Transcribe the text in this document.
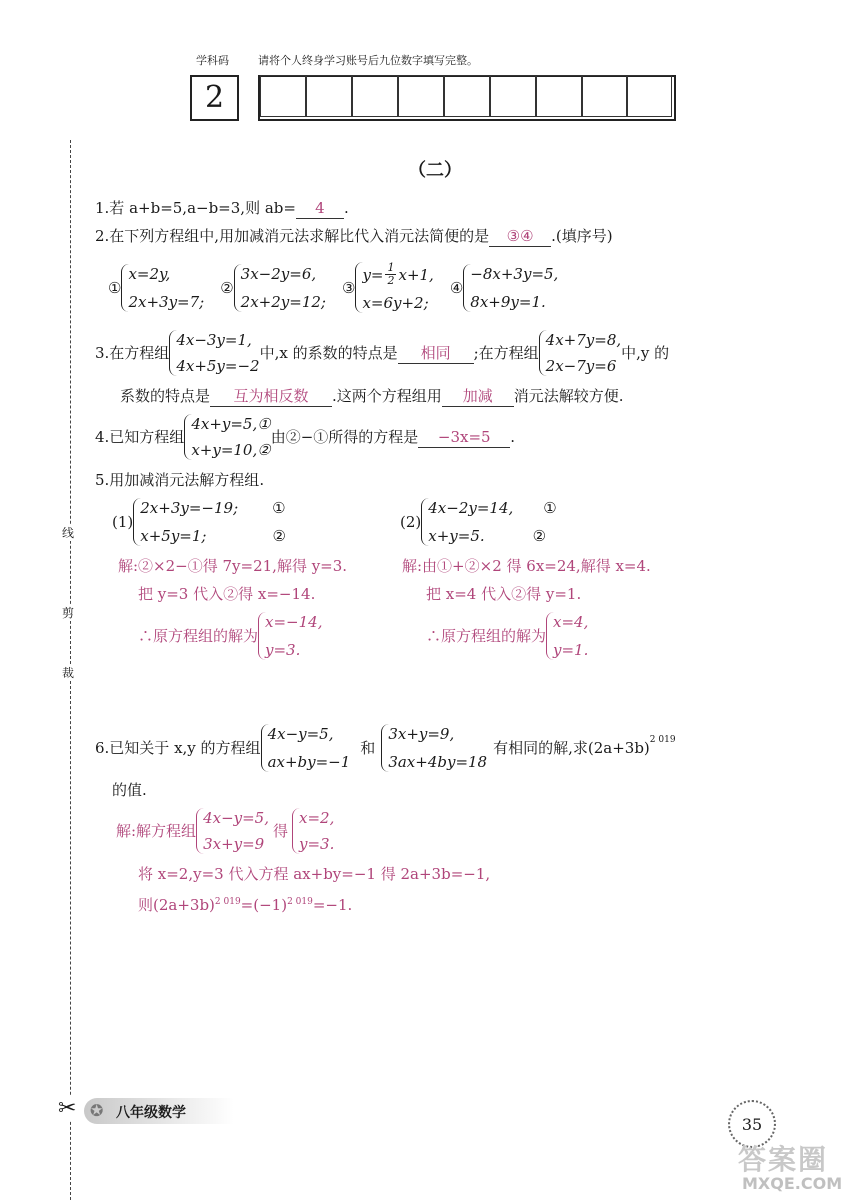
学科码	请将个人终身学习账号后九位数字填写完整。
2
线
剪
裁
✂
（二）
1.若 a+b=5,a−b=3,则 ab= 4 .
2.在下列方程组中,用加减消元法求解比代入消元法简便的是 ③④ .(填序号)
①
x=2y,
2x+3y=7;
②
3x−2y=6,
2x+2y=12;
③
$y= \frac{1}{2} x+1$,
x=6y+2;
④
−8x+3y=5,
8x+9y=1.
3.在方程组
4x−3y=1,
4x+5y=−2
中,x 的系数的特点是	相同	;在方程组
4x+7y=8,
2x−7y=6
中,y 的
系数的特点是 互为相反数 .这两个方程组用 加减 消元法解较方便.
4.已知方程组
4x+y=5,①
x+y=10,②
由②−①所得的方程是	−3x=5	.
5.用加减消元法解方程组.
(1)
2x+3y=−19; ①
x+5y=1;	②
(2)
4x−2y=14, ①
x+y=5.	②
解:②×2−①得 7y=21,解得 y=3.
把 y=3 代入②得 x=−14.
∴原方程组的解为
x=−14,
y=3.
解:由①+②×2 得 6x=24,解得 x=4.
把 x=4 代入②得 y=1.
∴原方程组的解为
x=4,
y=1.
6.已知关于 x,y 的方程组
4x−y=5,
ax+by=−1
和
3x+y=9,
3ax+4by=18
有相同的解,求$(2a+3b)^{2 019}$
的值.
解:解方程组
4x−y=5,
3x+y=9
得
x=2,
y=3.
将 x=2,y=3 代入方程 ax+by=−1 得 2a+3b=−1,
则$(2a+3b)^{2 019}=(-1)^{2 019}=-1$.
✪ 八年级数学
35
答案圈
MXQE.COM
